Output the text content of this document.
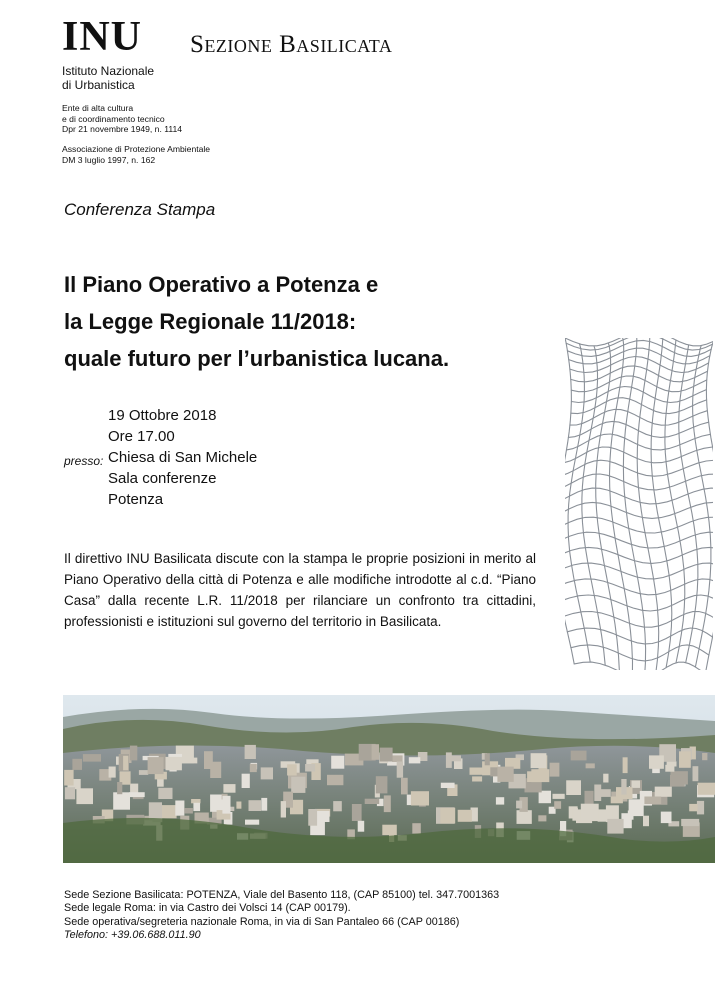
INU Sezione Basilicata
Istituto Nazionale
di Urbanistica
Ente di alta cultura
e di coordinamento tecnico
Dpr 21 novembre 1949, n. 1114
Associazione di Protezione Ambientale
DM 3 luglio 1997, n. 162
Conferenza Stampa
Il Piano Operativo a Potenza e
la Legge Regionale 11/2018:
quale futuro per l’urbanistica lucana.
19 Ottobre 2018
Ore 17.00
Chiesa di San Michele
Sala conferenze
Potenza
presso:
Il direttivo INU Basilicata discute con la stampa le proprie posizioni in merito al Piano Operativo della città di Potenza e alle modifiche introdotte al c.d. “Piano Casa” dalla recente L.R. 11/2018 per rilanciare un confronto tra cittadini, professionisti e istituzioni sul governo del territorio in Basilicata.
Sede Sezione Basilicata: POTENZA, Viale del Basento 118, (CAP 85100) tel. 347.7001363
Sede legale Roma: in via Castro dei Volsci 14 (CAP 00179).
Sede operativa/segreteria nazionale Roma, in via di San Pantaleo 66 (CAP 00186)
Telefono: +39.06.688.011.90
